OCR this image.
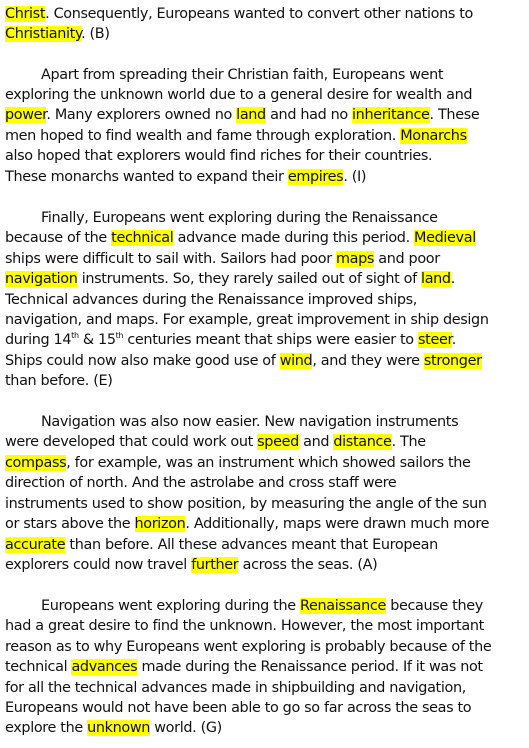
Christ. Consequently, Europeans wanted to convert other nations to
Christianity. (B)
Apart from spreading their Christian faith, Europeans went
exploring the unknown world due to a general desire for wealth and
power. Many explorers owned no land and had no inheritance. These
men hoped to find wealth and fame through exploration. Monarchs
also hoped that explorers would find riches for their countries.
These monarchs wanted to expand their empires. (I)
Finally, Europeans went exploring during the Renaissance
because of the technical advance made during this period. Medieval
ships were difficult to sail with. Sailors had poor maps and poor
navigation instruments. So, they rarely sailed out of sight of land.
Technical advances during the Renaissance improved ships,
navigation, and maps. For example, great improvement in ship design
during 14th & 15th centuries meant that ships were easier to steer.
Ships could now also make good use of wind, and they were stronger
than before. (E)
Navigation was also now easier. New navigation instruments
were developed that could work out speed and distance. The
compass, for example, was an instrument which showed sailors the
direction of north. And the astrolabe and cross staff were
instruments used to show position, by measuring the angle of the sun
or stars above the horizon. Additionally, maps were drawn much more
accurate than before. All these advances meant that European
explorers could now travel further across the seas. (A)
Europeans went exploring during the Renaissance because they
had a great desire to find the unknown. However, the most important
reason as to why Europeans went exploring is probably because of the
technical advances made during the Renaissance period. If it was not
for all the technical advances made in shipbuilding and navigation,
Europeans would not have been able to go so far across the seas to
explore the unknown world. (G)
